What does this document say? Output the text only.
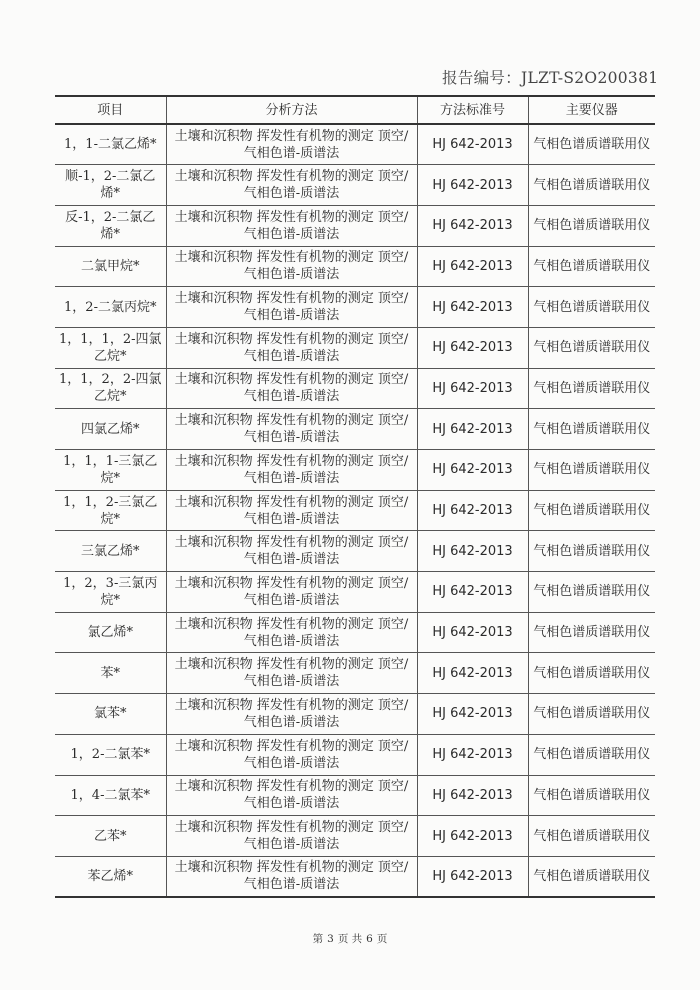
报告编号：JLZT-S2O200381
项目	分析方法	方法标准号	主要仪器
1，1-二氯乙烯*	土壤和沉积物 挥发性有机物的测定 顶空/气相色谱-质谱法	HJ 642-2013	气相色谱质谱联用仪
顺-1，2-二氯乙烯*	土壤和沉积物 挥发性有机物的测定 顶空/气相色谱-质谱法	HJ 642-2013	气相色谱质谱联用仪
反-1，2-二氯乙烯*	土壤和沉积物 挥发性有机物的测定 顶空/气相色谱-质谱法	HJ 642-2013	气相色谱质谱联用仪
二氯甲烷*	土壤和沉积物 挥发性有机物的测定 顶空/气相色谱-质谱法	HJ 642-2013	气相色谱质谱联用仪
1，2-二氯丙烷*	土壤和沉积物 挥发性有机物的测定 顶空/气相色谱-质谱法	HJ 642-2013	气相色谱质谱联用仪
1，1，1，2-四氯乙烷*	土壤和沉积物 挥发性有机物的测定 顶空/气相色谱-质谱法	HJ 642-2013	气相色谱质谱联用仪
1，1，2，2-四氯乙烷*	土壤和沉积物 挥发性有机物的测定 顶空/气相色谱-质谱法	HJ 642-2013	气相色谱质谱联用仪
四氯乙烯*	土壤和沉积物 挥发性有机物的测定 顶空/气相色谱-质谱法	HJ 642-2013	气相色谱质谱联用仪
1，1，1-三氯乙烷*	土壤和沉积物 挥发性有机物的测定 顶空/气相色谱-质谱法	HJ 642-2013	气相色谱质谱联用仪
1，1，2-三氯乙烷*	土壤和沉积物 挥发性有机物的测定 顶空/气相色谱-质谱法	HJ 642-2013	气相色谱质谱联用仪
三氯乙烯*	土壤和沉积物 挥发性有机物的测定 顶空/气相色谱-质谱法	HJ 642-2013	气相色谱质谱联用仪
1，2，3-三氯丙烷*	土壤和沉积物 挥发性有机物的测定 顶空/气相色谱-质谱法	HJ 642-2013	气相色谱质谱联用仪
氯乙烯*	土壤和沉积物 挥发性有机物的测定 顶空/气相色谱-质谱法	HJ 642-2013	气相色谱质谱联用仪
苯*	土壤和沉积物 挥发性有机物的测定 顶空/气相色谱-质谱法	HJ 642-2013	气相色谱质谱联用仪
氯苯*	土壤和沉积物 挥发性有机物的测定 顶空/气相色谱-质谱法	HJ 642-2013	气相色谱质谱联用仪
1，2-二氯苯*	土壤和沉积物 挥发性有机物的测定 顶空/气相色谱-质谱法	HJ 642-2013	气相色谱质谱联用仪
1，4-二氯苯*	土壤和沉积物 挥发性有机物的测定 顶空/气相色谱-质谱法	HJ 642-2013	气相色谱质谱联用仪
乙苯*	土壤和沉积物 挥发性有机物的测定 顶空/气相色谱-质谱法	HJ 642-2013	气相色谱质谱联用仪
苯乙烯*	土壤和沉积物 挥发性有机物的测定 顶空/气相色谱-质谱法	HJ 642-2013	气相色谱质谱联用仪
第 3 页 共 6 页
